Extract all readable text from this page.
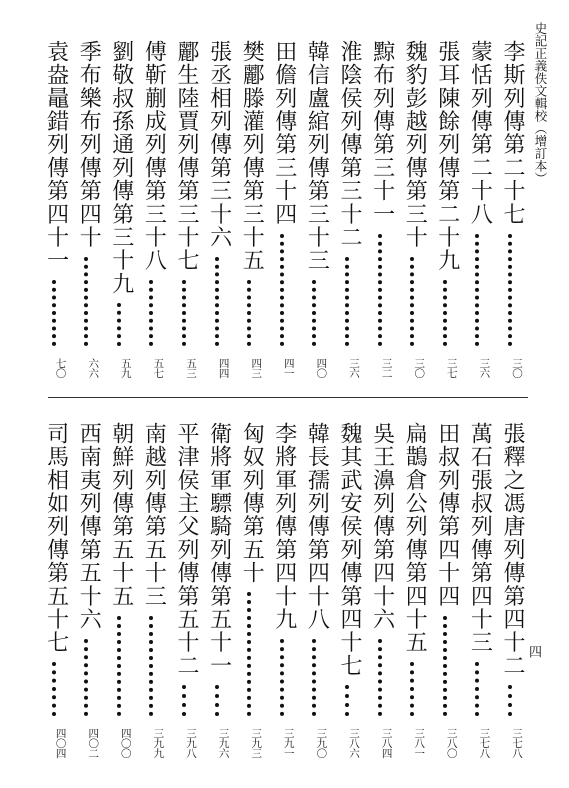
史記正義佚文輯校（增訂本）
四
李斯列傳第二十七
三〇
蒙恬列傳第二十八
三六
張耳陳餘列傳第二十九
三七
魏豹彭越列傳第三十
三〇
黥布列傳第三十一
三二
淮陰侯列傳第三十二
三六
韓信盧綰列傳第三十三
四〇
田儋列傳第三十四
四一
樊酈滕灌列傳第三十五
四三
張丞相列傳第三十六
四四
酈生陸賈列傳第三十七
五三
傅靳蒯成列傳第三十八
五七
劉敬叔孫通列傳第三十九
五九
季布樂布列傳第四十
六六
袁盎鼂錯列傳第四十一
七〇
張釋之馮唐列傳第四十二
三七八
萬石張叔列傳第四十三
三七八
田叔列傳第四十四
三八〇
扁鵲倉公列傳第四十五
三八一
吳王濞列傳第四十六
三八四
魏其武安侯列傳第四十七
三八六
韓長孺列傳第四十八
三九〇
李將軍列傳第四十九
三九一
匈奴列傳第五十
三九三
衛將軍驃騎列傳第五十一
三九六
平津侯主父列傳第五十二
三九八
南越列傳第五十三
三九九
朝鮮列傳第五十五
四〇〇
西南夷列傳第五十六
四〇二
司馬相如列傳第五十七
四〇四
